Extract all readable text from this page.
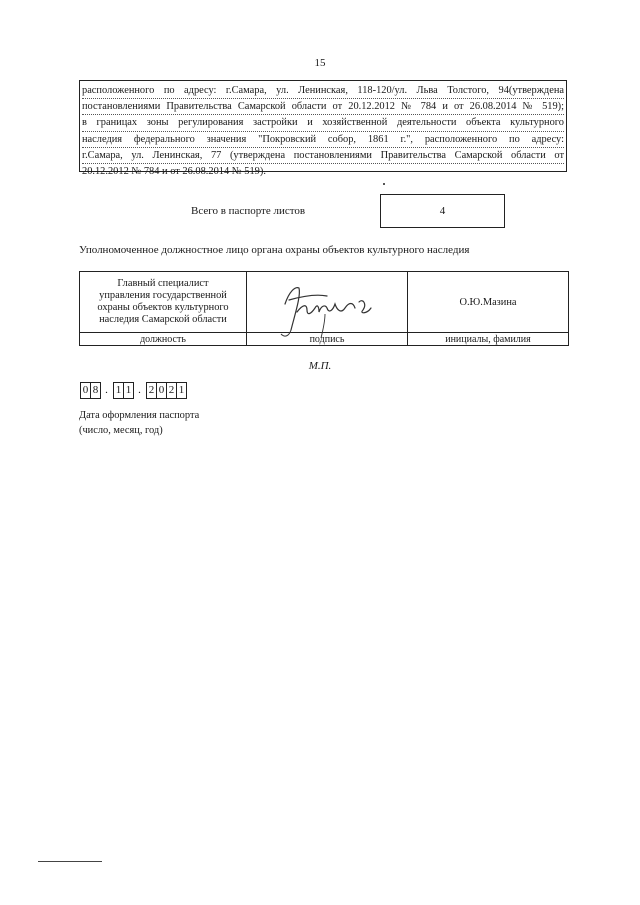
15
расположенного по адресу: г.Самара, ул. Ленинская, 118-120/ул. Льва Толстого, 94(утверждена
постановлениями Правительства Самарской области от 20.12.2012 № 784 и от 26.08.2014 № 519);
в границах зоны регулирования застройки и хозяйственной деятельности объекта культурного
наследия федерального значения "Покровский собор, 1861 г.", расположенного по адресу:
г.Самара, ул. Ленинская, 77 (утверждена постановлениями Правительства Самарской области от
20.12.2012 № 784 и от 26.08.2014 № 519).
Всего в паспорте листов	4
Уполномоченное должностное лицо органа охраны объектов культурного наследия
Главный специалист
управления государственной
охраны объектов культурного
наследия Самарской области		О.Ю.Мазина
должность	подпись	инициалы, фамилия
М.П.
0 8 . 1 1 . 2 0 2 1
Дата оформления паспорта
(число, месяц, год)
